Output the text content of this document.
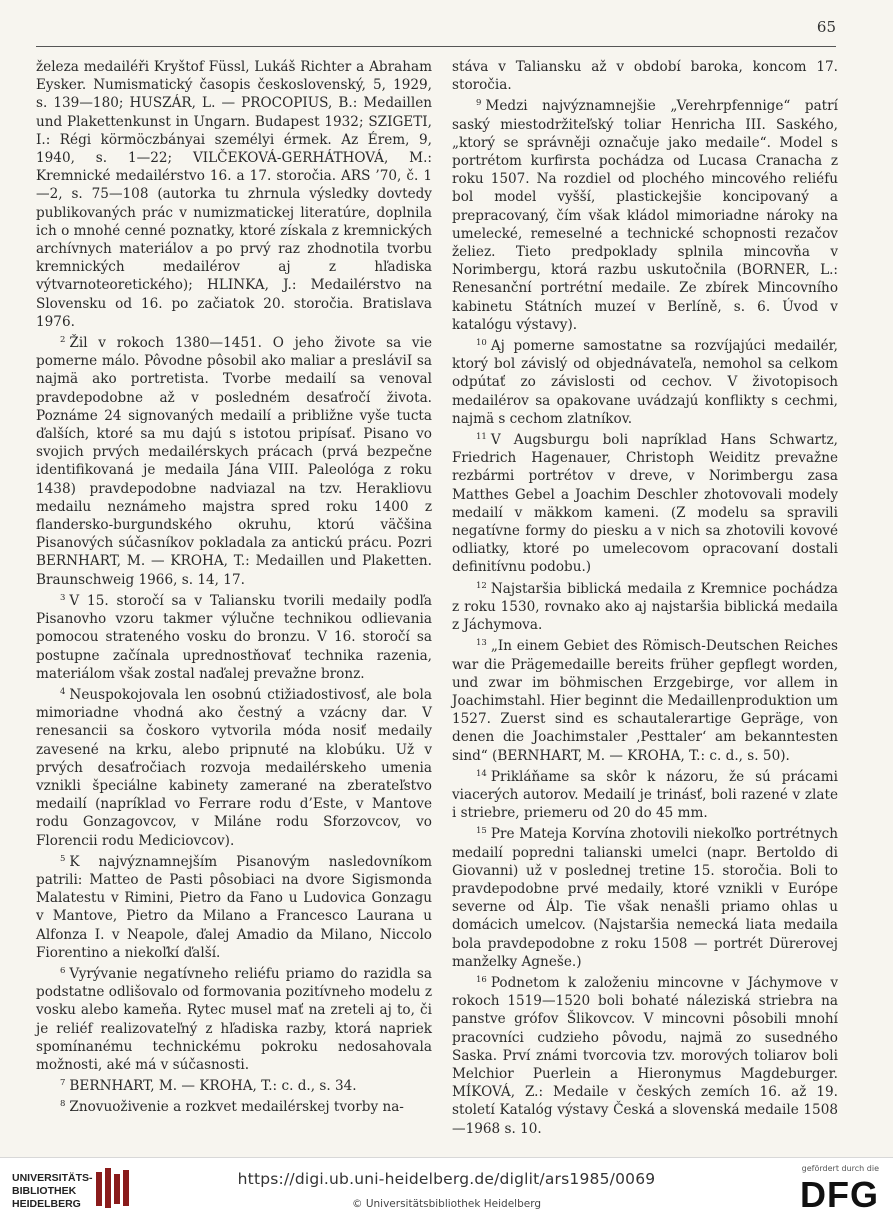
65

železa medailéři Kryštof Füssl, Lukáš Richter a Abraham Eysker. Numismatický časopis československý, 5, 1929, s. 139—180; HUSZÁR, L. — PROCOPIUS, B.: Medaillen und Plakettenkunst in Ungarn. Budapest 1932; SZIGETI, I.: Régi körmöczbányai személyi érmek. Az Érem, 9, 1940, s. 1—22; VILČEKOVÁ-GERHÁTHOVÁ, M.: Kremnické medailérstvo 16. a 17. storočia. ARS ’70, č. 1—2, s. 75—108 (autorka tu zhrnula výsledky dovtedy publikovaných prác v numizmatickej literatúre, doplnila ich o mnohé cenné poznatky, ktoré získala z kremnických archívnych materiálov a po prvý raz zhodnotila tvorbu kremnických medailérov aj z hľadiska výtvarnoteoretického); HLINKA, J.: Medailérstvo na Slovensku od 16. po začiatok 20. storočia. Bratislava 1976.

$^2$ Žil v rokoch 1380—1451. O jeho živote sa vie pomerne málo. Pôvodne pôsobil ako maliar a presláviI sa najmä ako portretista. Tvorbe medailí sa venoval pravdepodobne až v posledném desaťročí života. Poznáme 24 signovaných medailí a približne vyše tucta ďalších, ktoré sa mu dajú s istotou pripísať. Pisano vo svojich prvých medailérskych prácach (prvá bezpečne identifikovaná je medaila Jána VIII. Paleológa z roku 1438) pravdepodobne nadviazal na tzv. Herakliovu medailu neznámeho majstra spred roku 1400 z flandersko-burgundského okruhu, ktorú väčšina Pisanových súčasníkov pokladala za antickú prácu. Pozri BERNHART, M. — KROHA, T.: Medaillen und Plaketten. Braunschweig 1966, s. 14, 17.

$^3$ V 15. storočí sa v Taliansku tvorili medaily podľa Pisanovho vzoru takmer výlučne technikou odlievania pomocou strateného vosku do bronzu. V 16. storočí sa postupne začínala uprednostňovať technika razenia, materiálom však zostal naďalej prevažne bronz.

$^4$ Neuspokojovala len osobnú ctižiadostivosť, ale bola mimoriadne vhodná ako čestný a vzácny dar. V renesancii sa čoskoro vytvorila móda nosiť medaily zavesené na krku, alebo pripnuté na klobúku. Už v prvých desaťročiach rozvoja medailérskeho umenia vznikli špeciálne kabinety zamerané na zberateľstvo medailí (napríklad vo Ferrare rodu d’Este, v Mantove rodu Gonzagovcov, v Miláne rodu Sforzovcov, vo Florencii rodu Mediciovcov).

$^5$ K najvýznamnejším Pisanovým nasledovníkom patrili: Matteo de Pasti pôsobiaci na dvore Sigismonda Malatestu v Rimini, Pietro da Fano u Ludovica Gonzagu v Mantove, Pietro da Milano a Francesco Laurana u Alfonza I. v Neapole, ďalej Amadio da Milano, Niccolo Fiorentino a niekoľkí ďalší.

$^6$ Vyrývanie negatívneho reliéfu priamo do razidla sa podstatne odlišovalo od formovania pozitívneho modelu z vosku alebo kameňa. Rytec musel mať na zreteli aj to, či je reliéf realizovateľný z hľadiska razby, ktorá napriek spomínanému technickému pokroku nedosahovala možnosti, aké má v súčasnosti.

$^7$ BERNHART, M. — KROHA, T.: c. d., s. 34.

$^8$ Znovuoživenie a rozkvet medailérskej tvorby na-

stáva v Taliansku až v období baroka, koncom 17. storočia.

$^9$ Medzi najvýznamnejšie „Verehrpfennige“ patrí saský miestodržiteľský toliar Henricha III. Saského, „ktorý se správněji označuje jako medaile“. Model s portrétom kurfirsta pochádza od Lucasa Cranacha z roku 1507. Na rozdiel od plochého mincového reliéfu bol model vyšší, plastickejšie koncipovaný a prepracovaný, čím však kládol mimoriadne nároky na umelecké, remeselné a technické schopnosti rezačov želiez. Tieto predpoklady splnila mincovňa v Norimbergu, ktorá razbu uskutočnila (BORNER, L.: Renesanční portrétní medaile. Ze zbírek Mincovního kabinetu Státních muzeí v Berlíně, s. 6. Úvod v katalógu výstavy).

$^{10}$ Aj pomerne samostatne sa rozvíjajúci medailér, ktorý bol závislý od objednávateľa, nemohol sa celkom odpútať zo závislosti od cechov. V životopisoch medailérov sa opakovane uvádzajú konflikty s cechmi, najmä s cechom zlatníkov.

$^{11}$ V Augsburgu boli napríklad Hans Schwartz, Friedrich Hagenauer, Christoph Weiditz prevažne rezbármi portrétov v dreve, v Norimbergu zasa Matthes Gebel a Joachim Deschler zhotovovali modely medailí v mäkkom kameni. (Z modelu sa spravili negatívne formy do piesku a v nich sa zhotovili kovové odliatky, ktoré po umelecovom opracovaní dostali definitívnu podobu.)

$^{12}$ Najstaršia biblická medaila z Kremnice pochádza z roku 1530, rovnako ako aj najstaršia biblická medaila z Jáchymova.

$^{13}$ „In einem Gebiet des Römisch-Deutschen Reiches war die Prägemedaille bereits früher gepflegt worden, und zwar im böhmischen Erzgebirge, vor allem in Joachimstahl. Hier beginnt die Medaillenproduktion um 1527. Zuerst sind es schautalerartige Gepräge, von denen die Joachimstaler ‚Pesttaler‘ am bekanntesten sind“ (BERNHART, M. — KROHA, T.: c. d., s. 50).

$^{14}$ Prikláňame sa skôr k názoru, že sú prácami viacerých autorov. Medailí je trinásť, boli razené v zlate i striebre, priemeru od 20 do 45 mm.

$^{15}$ Pre Mateja Korvína zhotovili niekoľko portrétnych medailí popredni talianski umelci (napr. Bertoldo di Giovanni) už v poslednej tretine 15. storočia. Boli to pravdepodobne prvé medaily, ktoré vznikli v Európe severne od Álp. Tie však nenašli priamo ohlas u domácich umelcov. (Najstaršia nemecká liata medaila bola pravdepodobne z roku 1508 — portrét Dürerovej manželky Agneše.)

$^{16}$ Podnetom k založeniu mincovne v Jáchymove v rokoch 1519—1520 boli bohaté náleziská striebra na panstve grófov Šlikovcov. V mincovni pôsobili mnohí pracovníci cudzieho pôvodu, najmä zo susedného Saska. Prví známi tvorcovia tzv. morových toliarov boli Melchior Puerlein a Hieronymus Magdeburger. MÍKOVÁ, Z.: Medaile v českých zemích 16. až 19. století Katalóg výstavy Česká a slovenská medaile 1508—1968 s. 10.

UNIVERSITÄTS-
BIBLIOTHEK
HEIDELBERG
https://digi.ub.uni-heidelberg.de/diglit/ars1985/0069
© Universitätsbibliothek Heidelberg
gefördert durch die
DFG
